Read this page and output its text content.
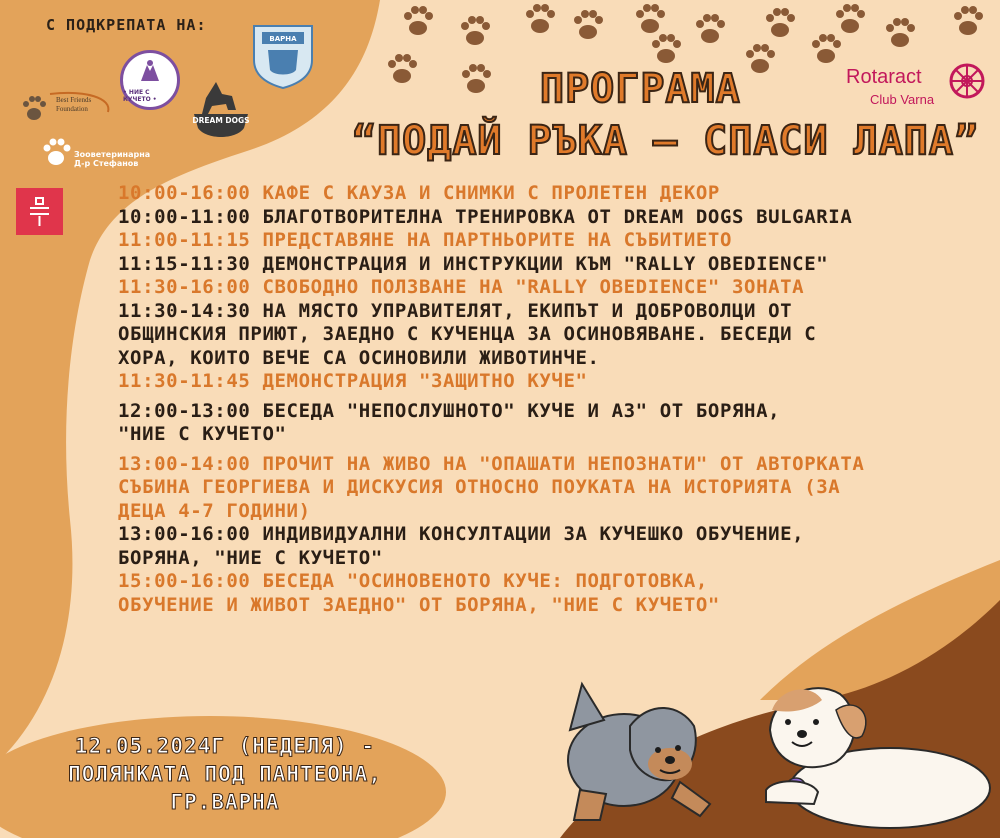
С ПОДКРЕПАТА НА:
• НИЕ С КУЧЕТО •
ВАРНА
DREAM DOGS
Best Friends Foundation
Зооветеринарна Д-р Стефанов
Rotaract
Club Varna
ПРОГРАМА
“ПОДАЙ РЪКА – СПАСИ ЛАПА”
10:00-16:00 КАФЕ С КАУЗА И СНИМКИ С ПРОЛЕТЕН ДЕКОР
10:00-11:00 БЛАГОТВОРИТЕЛНА ТРЕНИРОВКА ОТ DREAM DOGS BULGARIA
11:00-11:15 ПРЕДСТАВЯНЕ НА ПАРТНЬОРИТЕ НА СЪБИТИЕТО
11:15-11:30 ДЕМОНСТРАЦИЯ И ИНСТРУКЦИИ КЪМ "RALLY OBEDIENCE"
11:30-16:00 СВОБОДНО ПОЛЗВАНЕ НА "RALLY OBEDIENCE" ЗОНАТА
11:30-14:30 НА МЯСТО УПРАВИТЕЛЯТ, ЕКИПЪТ И ДОБРОВОЛЦИ ОТ
ОБЩИНСКИЯ ПРИЮТ, ЗАЕДНО С КУЧЕНЦА ЗА ОСИНОВЯВАНЕ. БЕСЕДИ С
ХОРА, КОИТО ВЕЧЕ СА ОСИНОВИЛИ ЖИВОТИНЧЕ.
11:30-11:45 ДЕМОНСТРАЦИЯ "ЗАЩИТНО КУЧЕ"
12:00-13:00 БЕСЕДА "НЕПОСЛУШНОТО" КУЧЕ И АЗ" ОТ БОРЯНА,
"НИЕ С КУЧЕТО"
13:00-14:00 ПРОЧИТ НА ЖИВО НА "ОПАШАТИ НЕПОЗНАТИ" ОТ АВТОРКАТА
СЪБИНА ГЕОРГИЕВА И ДИСКУСИЯ ОТНОСНО ПОУКАТА НА ИСТОРИЯТА (ЗА
ДЕЦА 4-7 ГОДИНИ)
13:00-16:00 ИНДИВИДУАЛНИ КОНСУЛТАЦИИ ЗА КУЧЕШКО ОБУЧЕНИЕ,
БОРЯНА, "НИЕ С КУЧЕТО"
15:00-16:00 БЕСЕДА "ОСИНОВЕНОТО КУЧЕ: ПОДГОТОВКА,
ОБУЧЕНИЕ И ЖИВОТ ЗАЕДНО" ОТ БОРЯНА, "НИЕ С КУЧЕТО"
12.05.2024Г (НЕДЕЛЯ) -
ПОЛЯНКАТА ПОД ПАНТЕОНА,
ГР.ВАРНА
